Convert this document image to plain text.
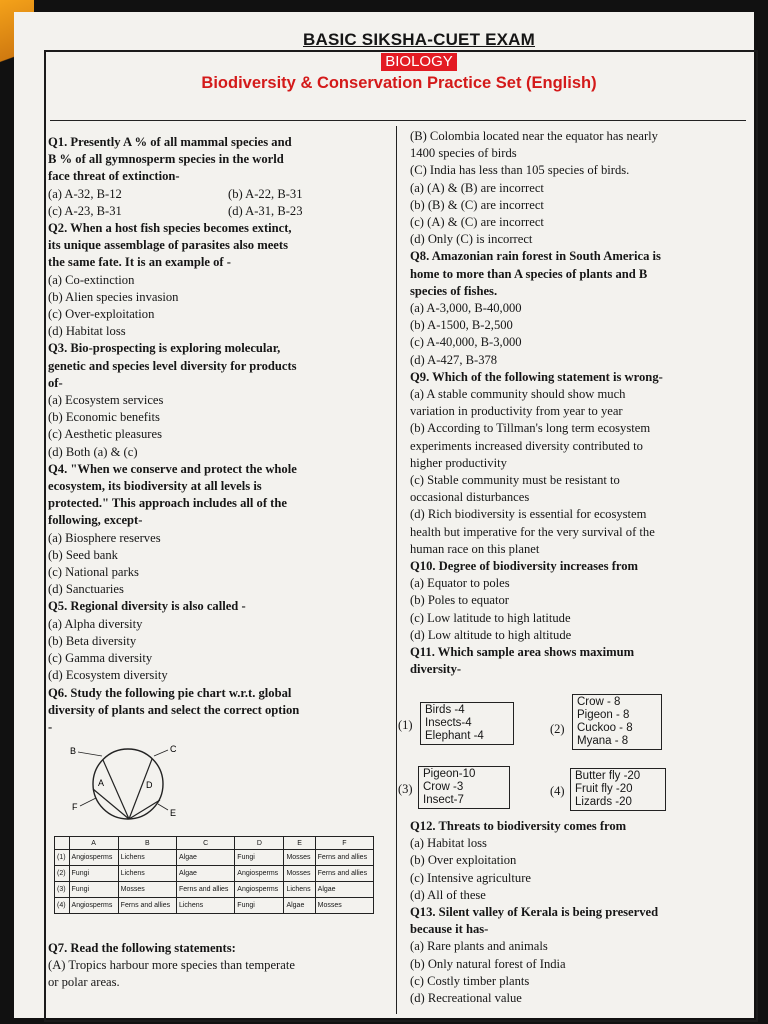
BASIC SIKSHA-CUET EXAM
BIOLOGY
Biodiversity & Conservation Practice Set (English)
Q1. Presently A % of all mammal species and
B % of all gymnosperm species in the world
face threat of extinction-
(a) A-32, B-12	(b) A-22, B-31
(c) A-23, B-31	(d) A-31, B-23
Q2. When a host fish species becomes extinct,
its unique assemblage of parasites also meets
the same fate. It is an example of -
(a) Co-extinction
(b) Alien species invasion
(c) Over-exploitation
(d) Habitat loss
Q3. Bio-prospecting is exploring molecular,
genetic and species level diversity for products
of-
(a) Ecosystem services
(b) Economic benefits
(c) Aesthetic pleasures
(d) Both (a) & (c)
Q4. "When we conserve and protect the whole
ecosystem, its biodiversity at all levels is
protected." This approach includes all of the
following, except-
(a) Biosphere reserves
(b) Seed bank
(c) National parks
(d) Sanctuaries
Q5. Regional diversity is also called -
(a) Alpha diversity
(b) Beta diversity
(c) Gamma diversity
(d) Ecosystem diversity
Q6. Study the following pie chart w.r.t. global
diversity of plants and select the correct option
-
B	C
A	D
F
E
	A	B	C	D	E	F
(1)	Angiosperms	Lichens	Algae	Fungi	Mosses	Ferns and allies
(2)	Fungi	Lichens	Algae	Angiosperms	Mosses	Ferns and allies
(3)	Fungi	Mosses	Ferns and allies	Angiosperms	Lichens	Algae
(4)	Angiosperms	Ferns and allies	Lichens	Fungi	Algae	Mosses
Q7. Read the following statements:
(A) Tropics harbour more species than temperate
or polar areas.
(B) Colombia located near the equator has nearly
1400 species of birds
(C) India has less than 105 species of birds.
(a) (A) & (B) are incorrect
(b) (B) & (C) are incorrect
(c) (A) & (C) are incorrect
(d) Only (C) is incorrect
Q8. Amazonian rain forest in South America is
home to more than A species of plants and B
species of fishes.
(a) A-3,000, B-40,000
(b) A-1500, B-2,500
(c) A-40,000, B-3,000
(d) A-427, B-378
Q9. Which of the following statement is wrong-
(a) A stable community should show much
variation in productivity from year to year
(b) According to Tillman's long term ecosystem
experiments increased diversity contributed to
higher productivity
(c) Stable community must be resistant to
occasional disturbances
(d) Rich biodiversity is essential for ecosystem
health but imperative for the very survival of the
human race on this planet
Q10. Degree of biodiversity increases from
(a) Equator to poles
(b) Poles to equator
(c) Low latitude to high latitude
(d) Low altitude to high altitude
Q11. Which sample area shows maximum
diversity-
(1)
Birds -4
Insects-4
Elephant -4	(2)
Crow - 8
Pigeon - 8
Cuckoo - 8
Myana - 8
(3)
Pigeon-10
Crow -3
Insect-7
(4)
Butter fly -20
Fruit fly -20
Lizards -20
Q12. Threats to biodiversity comes from
(a) Habitat loss
(b) Over exploitation
(c) Intensive agriculture
(d) All of these
Q13. Silent valley of Kerala is being preserved
because it has-
(a) Rare plants and animals
(b) Only natural forest of India
(c) Costly timber plants
(d) Recreational value
